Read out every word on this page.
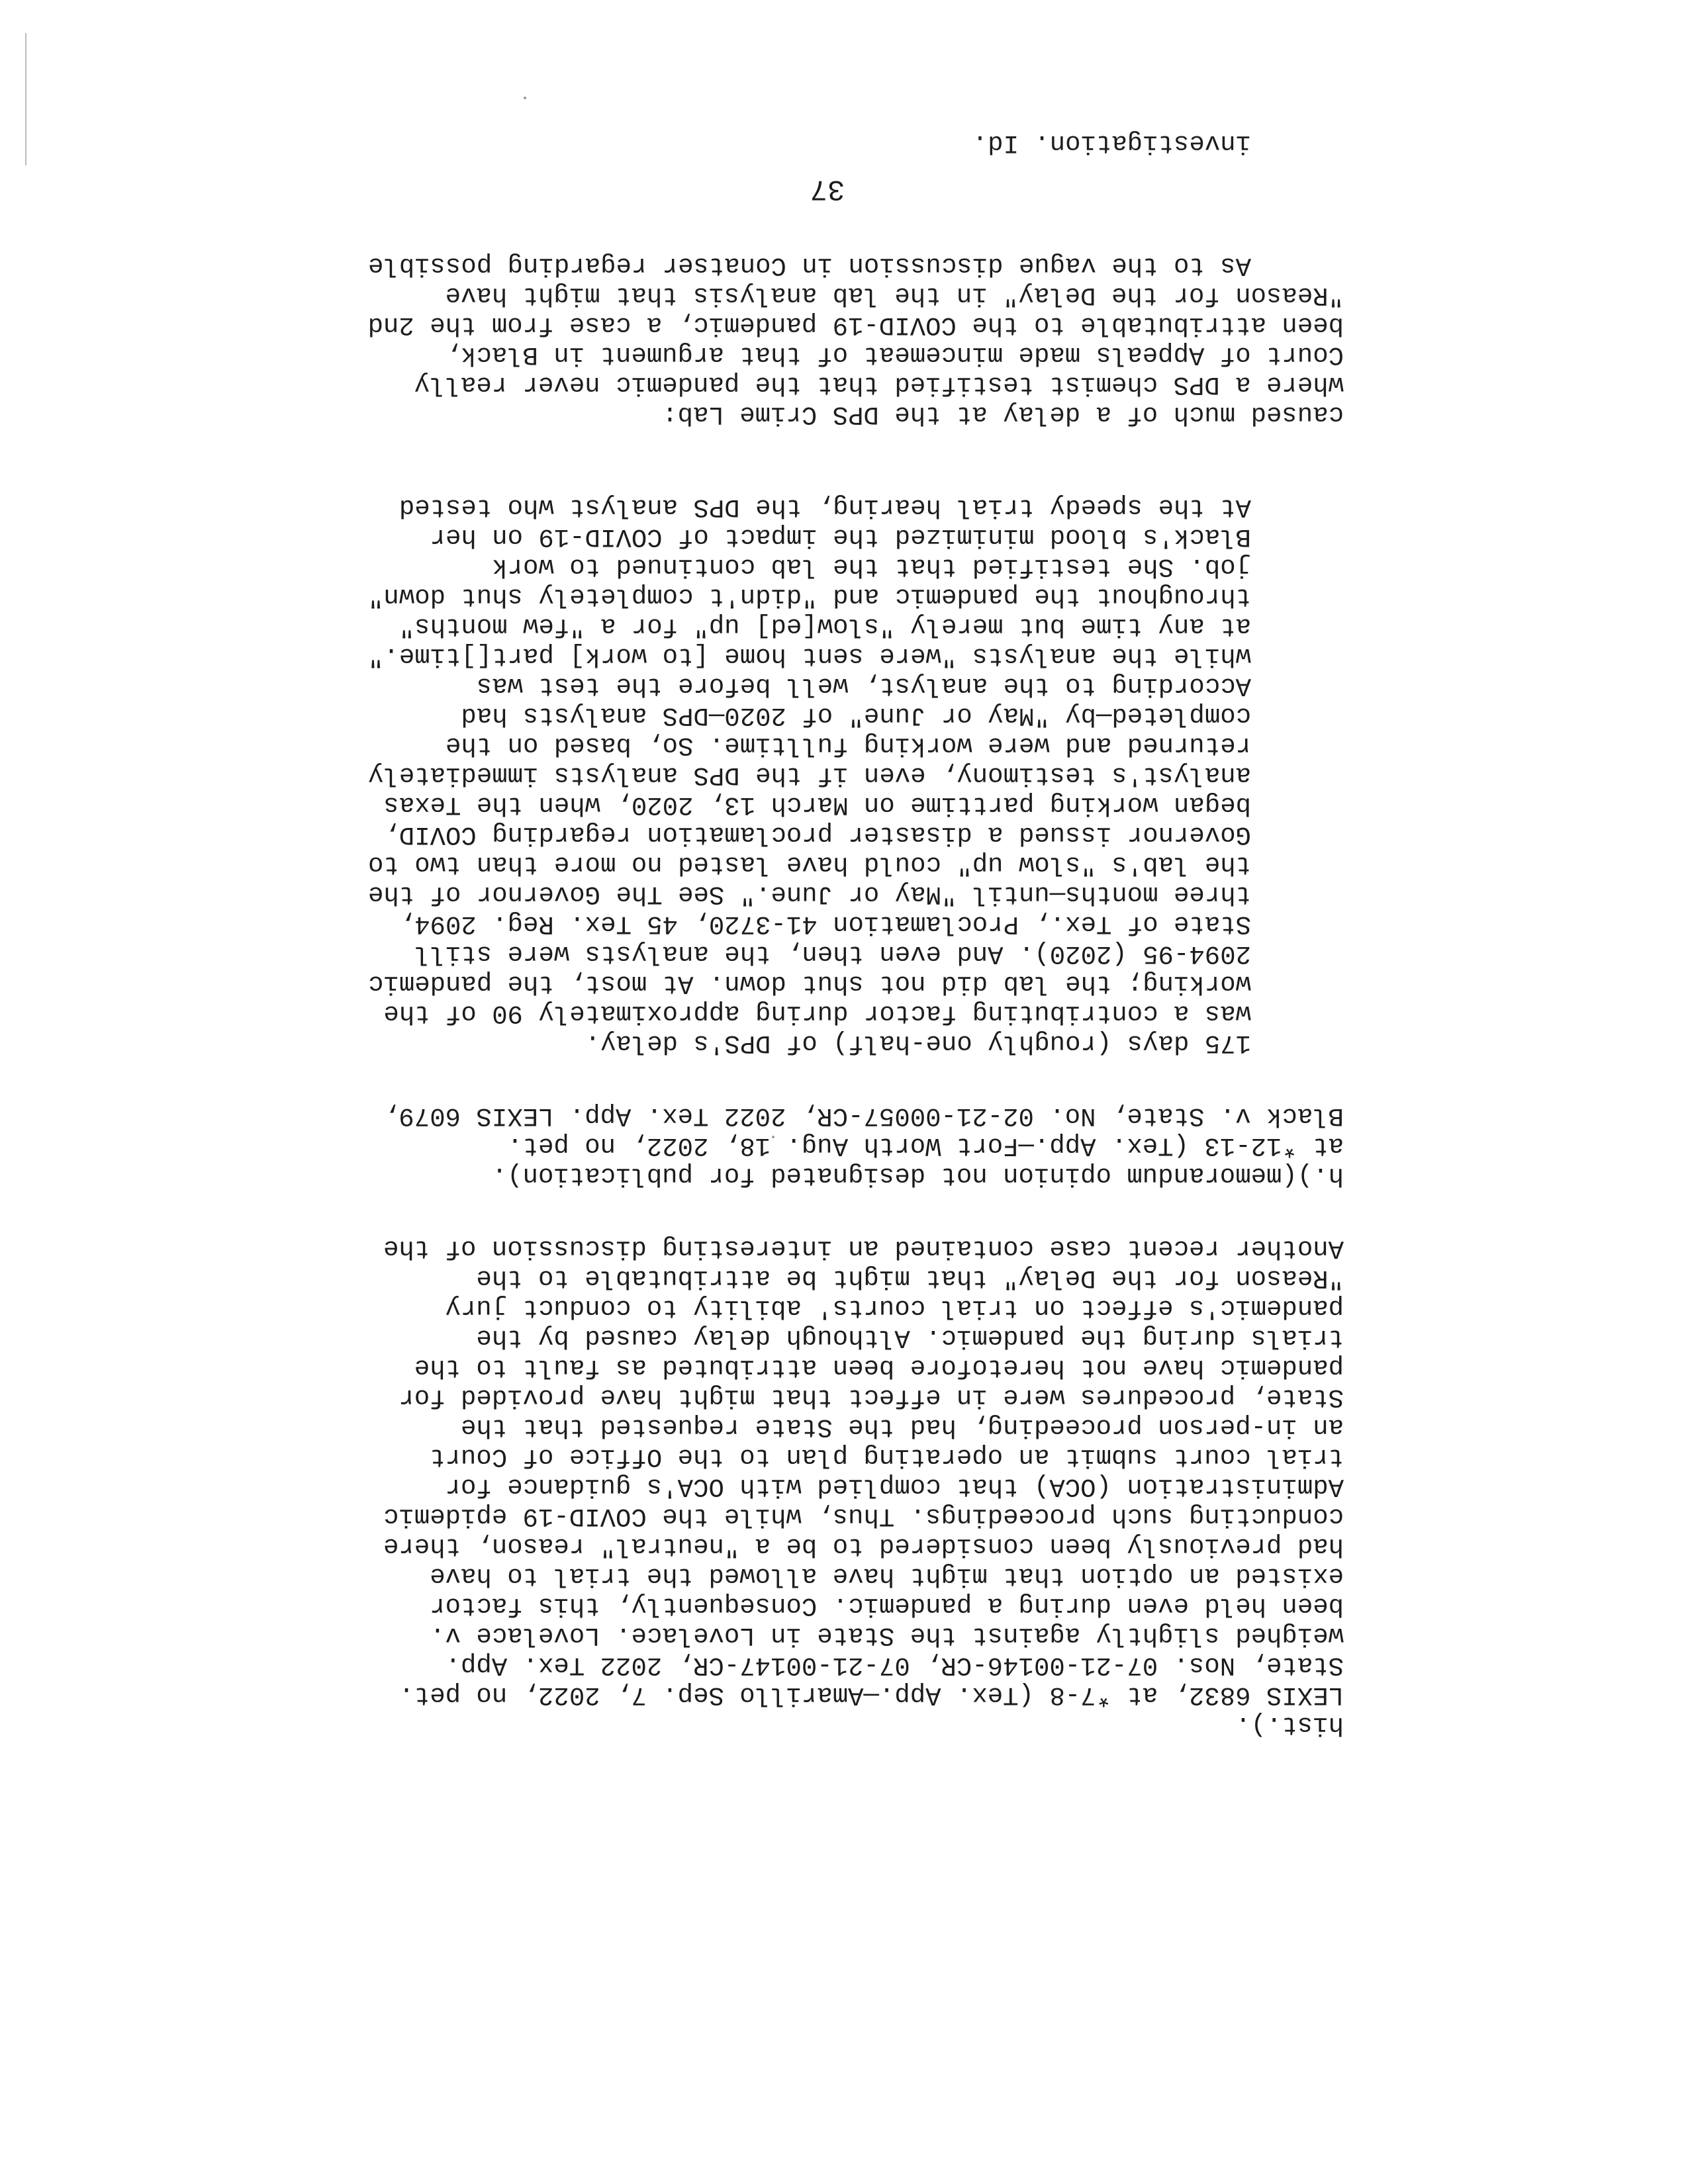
investigation. Id.
As to the vague discussion in Conatser regarding possible
"Reason for the Delay" in the lab analysis that might have
been attributable to the COVID-19 pandemic, a case from the 2nd
Court of Appeals made mincemeat of that argument in Black,
where a DPS chemist testified that the pandemic never really
caused much of a delay at the DPS Crime Lab:
At the speedy trial hearing, the DPS analyst who tested
Black's blood minimized the impact of COVID-19 on her
job. She testified that the lab continued to work
throughout the pandemic and "didn't completely shut down"
at any time but merely "slow[ed] up" for a "few months"
while the analysts "were sent home [to work] part[]time."
According to the analyst, well before the test was
completed—by "May or June" of 2020—DPS analysts had
returned and were working fulltime. So, based on the
analyst's testimony, even if the DPS analysts immediately
began working parttime on March 13, 2020, when the Texas
Governor issued a disaster proclamation regarding COVID,
the lab's "slow up" could have lasted no more than two to
three months—until "May or June." See The Governor of the
State of Tex., Proclamation 41-3720, 45 Tex. Reg. 2094,
2094-95 (2020). And even then, the analysts were still
working; the lab did not shut down. At most, the pandemic
was a contributing factor during approximately 90 of the
175 days (roughly one-half) of DPS's delay.
Black v. State, No. 02-21-00057-CR, 2022 Tex. App. LEXIS 6079,
at *12-13 (Tex. App.—Fort Worth Aug. 18, 2022, no pet.
h.)(memorandum opinion not designated for publication).
Another recent case contained an interesting discussion of the
"Reason for the Delay" that might be attributable to the
pandemic's effect on trial courts' ability to conduct jury
trials during the pandemic. Although delay caused by the
pandemic have not heretofore been attributed as fault to the
State, procedures were in effect that might have provided for
an in-person proceeding, had the State requested that the
trial court submit an operating plan to the Office of Court
Administration (OCA) that complied with OCA's guidance for
conducting such proceedings. Thus, while the COVID-19 epidemic
had previously been considered to be a "neutral" reason, there
existed an option that might have allowed the trial to have
been held even during a pandemic. Consequently, this factor
weighed slightly against the State in Lovelace. Lovelace v.
State, Nos. 07-21-00146-CR, 07-21-00147-CR, 2022 Tex. App.
LEXIS 6832, at *7-8 (Tex. App.—Amarillo Sep. 7, 2022, no pet.
hist.).
37
